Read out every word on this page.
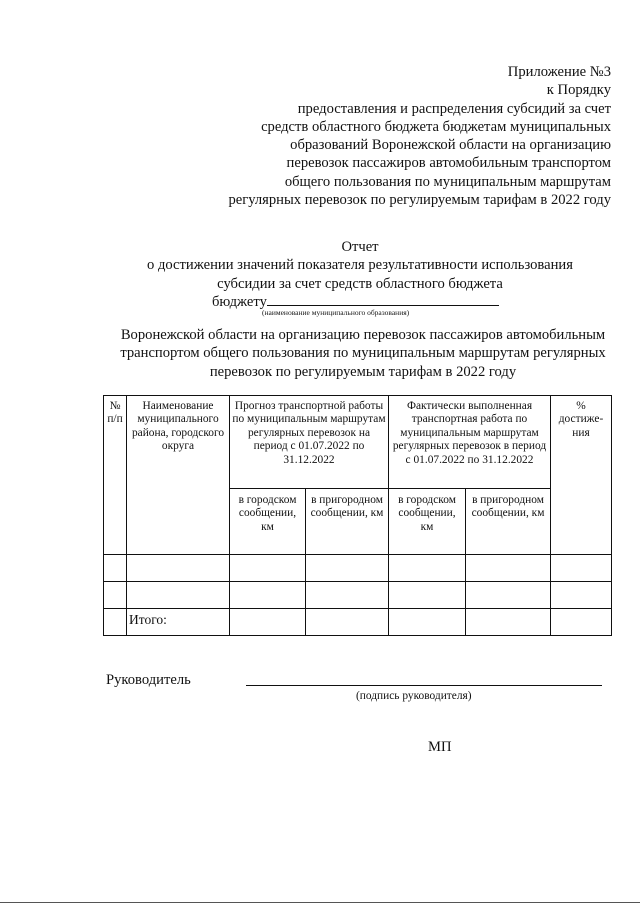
Приложение №3
к Порядку
предоставления и распределения субсидий за счет
средств областного бюджета бюджетам муниципальных
образований Воронежской области на организацию
перевозок пассажиров автомобильным транспортом
общего пользования по муниципальным маршрутам
регулярных перевозок по регулируемым тарифам в 2022 году
Отчет
о достижении значений показателя результативности использования
субсидии за счет средств областного бюджета
бюджету
(наименование муниципального образования)
Воронежской области на организацию перевозок пассажиров автомобильным транспортом общего пользования по муниципальным маршрутам регулярных перевозок по регулируемым тарифам в 2022 году
№ п/п	Наименование муниципального района, городского округа	Прогноз транспортной работы по муниципальным маршрутам регулярных перевозок на период с 01.07.2022 по 31.12.2022		Фактически выполненная транспортная работа по муниципальным маршрутам регулярных перевозок в период с 01.07.2022 по 31.12.2022		% достиже-ния
		в городском сообщении, км	в пригородном сообщении, км	в городском сообщении, км	в пригородном сообщении, км	

	Итого:					
Руководитель
(подпись руководителя)
МП
